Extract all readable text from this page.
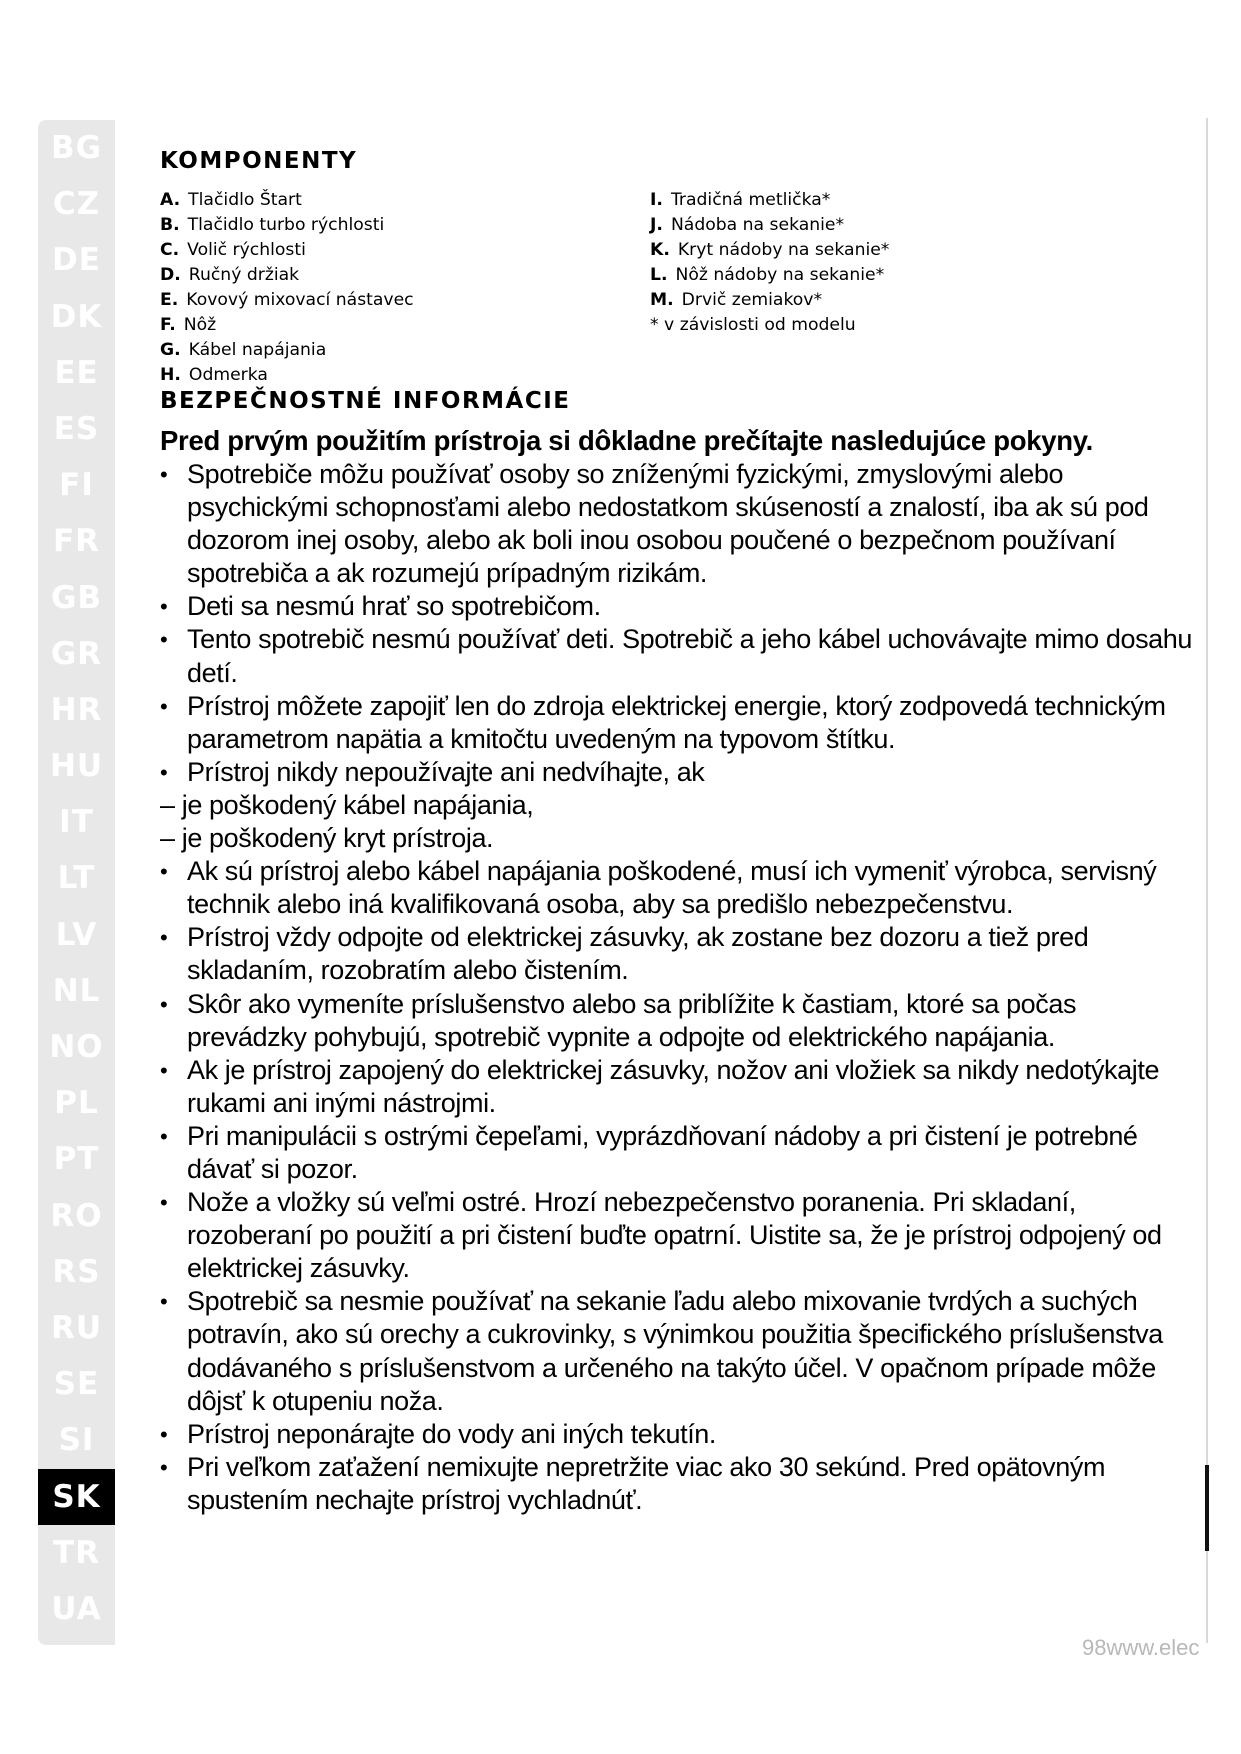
BG
CZ
DE
DK
EE
ES
FI
FR
GB
GR
HR
HU
IT
LT
LV
NL
NO
PL
PT
RO
RS
RU
SE
SI
SK
TR
UA
KOMPONENTY
A. Tlačidlo Štart
B. Tlačidlo turbo rýchlosti
C. Volič rýchlosti
D. Ručný držiak
E. Kovový mixovací nástavec
F. Nôž
G. Kábel napájania
H. Odmerka
I. Tradičná metlička*
J. Nádoba na sekanie*
K. Kryt nádoby na sekanie*
L. Nôž nádoby na sekanie*
M. Drvič zemiakov*
* v závislosti od modelu
BEZPEČNOSTNÉ INFORMÁCIE

Pred prvým použitím prístroja si dôkladne prečítajte nasledujúce pokyny.

• Spotrebiče môžu používať osoby so zníženými fyzickými, zmyslovými alebo psychickými schopnosťami alebo nedostatkom skúseností a znalostí, iba ak sú pod dozorom inej osoby, alebo ak boli inou osobou poučené o bezpečnom používaní spotrebiča a ak rozumejú prípadným rizikám.
• Deti sa nesmú hrať so spotrebičom.
• Tento spotrebič nesmú používať deti. Spotrebič a jeho kábel uchovávajte mimo dosahu detí.
• Prístroj môžete zapojiť len do zdroja elektrickej energie, ktorý zodpovedá technickým parametrom napätia a kmitočtu uvedeným na typovom štítku.
• Prístroj nikdy nepoužívajte ani nedvíhajte, ak
– je poškodený kábel napájania,
– je poškodený kryt prístroja.
• Ak sú prístroj alebo kábel napájania poškodené, musí ich vymeniť výrobca, servisný technik alebo iná kvalifikovaná osoba, aby sa predišlo nebezpečenstvu.
• Prístroj vždy odpojte od elektrickej zásuvky, ak zostane bez dozoru a tiež pred skladaním, rozobratím alebo čistením.
• Skôr ako vymeníte príslušenstvo alebo sa priblížite k častiam, ktoré sa počas prevádzky pohybujú, spotrebič vypnite a odpojte od elektrického napájania.
• Ak je prístroj zapojený do elektrickej zásuvky, nožov ani vložiek sa nikdy nedotýkajte rukami ani inými nástrojmi.
• Pri manipulácii s ostrými čepeľami, vyprázdňovaní nádoby a pri čistení je potrebné dávať si pozor.
• Nože a vložky sú veľmi ostré. Hrozí nebezpečenstvo poranenia. Pri skladaní, rozoberaní po použití a pri čistení buďte opatrní. Uistite sa, že je prístroj odpojený od elektrickej zásuvky.
• Spotrebič sa nesmie používať na sekanie ľadu alebo mixovanie tvrdých a suchých potravín, ako sú orechy a cukrovinky, s výnimkou použitia špecifického príslušenstva dodávaného s príslušenstvom a určeného na takýto účel. V opačnom prípade môže dôjsť k otupeniu noža.
• Prístroj neponárajte do vody ani iných tekutín.
• Pri veľkom zaťažení nemixujte nepretržite viac ako 30 sekúnd. Pred opätovným spustením nechajte prístroj vychladnúť.
98www.elec
